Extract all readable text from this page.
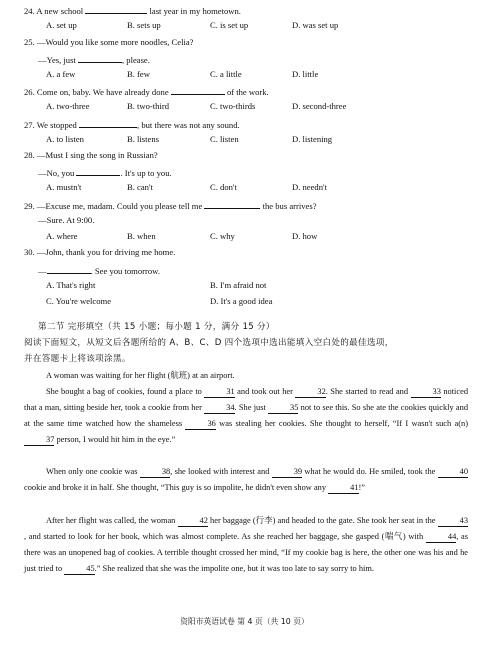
24. A new school	last year in my hometown.
A. set up	B. sets up	C. is set up	D. was set up
25. —Would you like some more noodles, Celia?
—Yes, just	, please.
A. a few	B. few	C. a little	D. little
26. Come on, baby. We have already done	of the work.
A. two-three	B. two-third	C. two-thirds	D. second-three
27. We stopped	, but there was not any sound.
A. to listen	B. listens	C. listen	D. listening
28. —Must I sing the song in Russian?
—No, you	. It's up to you.
A. mustn't	B. can't	C. don't	D. needn't
29. —Excuse me, madam. Could you please tell me	the bus arrives?
—Sure. At 9:00.
A. where	B. when	C. why	D. how
30. —John, thank you for driving me home.
—	. See you tomorrow.
A. That's right	B. I'm afraid not
C. You're welcome	D. It's a good idea
第二节 完形填空（共 15 小题；每小题 1 分，满分 15 分）
阅读下面短文，从短文后各题所给的 A、B、C、D 四个选项中选出能填入空白处的最佳选项，
并在答题卡上将该项涂黑。
A woman was waiting for her flight (航班) at an airport.
She bought a bag of cookies, found a place to	31 and took out her	32. She started to read and	33 noticed that a man, sitting beside her, took a cookie from her	34. She just	35 not to see this. So she ate the cookies quickly and at the same time watched how the shameless	36 was stealing her cookies. She thought to herself, “If I wasn't such a(n) 37 person, I would hit him in the eye.”
When only one cookie was	38, she looked with interest and	39 what he would do. He smiled, took the	40 cookie and broke it in half. She thought, “This guy is so impolite, he didn't even show any	41!”
After her flight was called, the woman	42 her baggage (行李) and headed to the gate. She took her seat in the	43, and started to look for her book, which was almost complete. As she reached her baggage, she gasped (喘气) with	44, as there was an unopened bag of cookies. A terrible thought crossed her mind, “If my cookie bag is here, the other one was his and he just tried to	45.” She realized that she was the impolite one, but it was too late to say sorry to him.
资阳市英语试卷 第 4 页（共 10 页）
